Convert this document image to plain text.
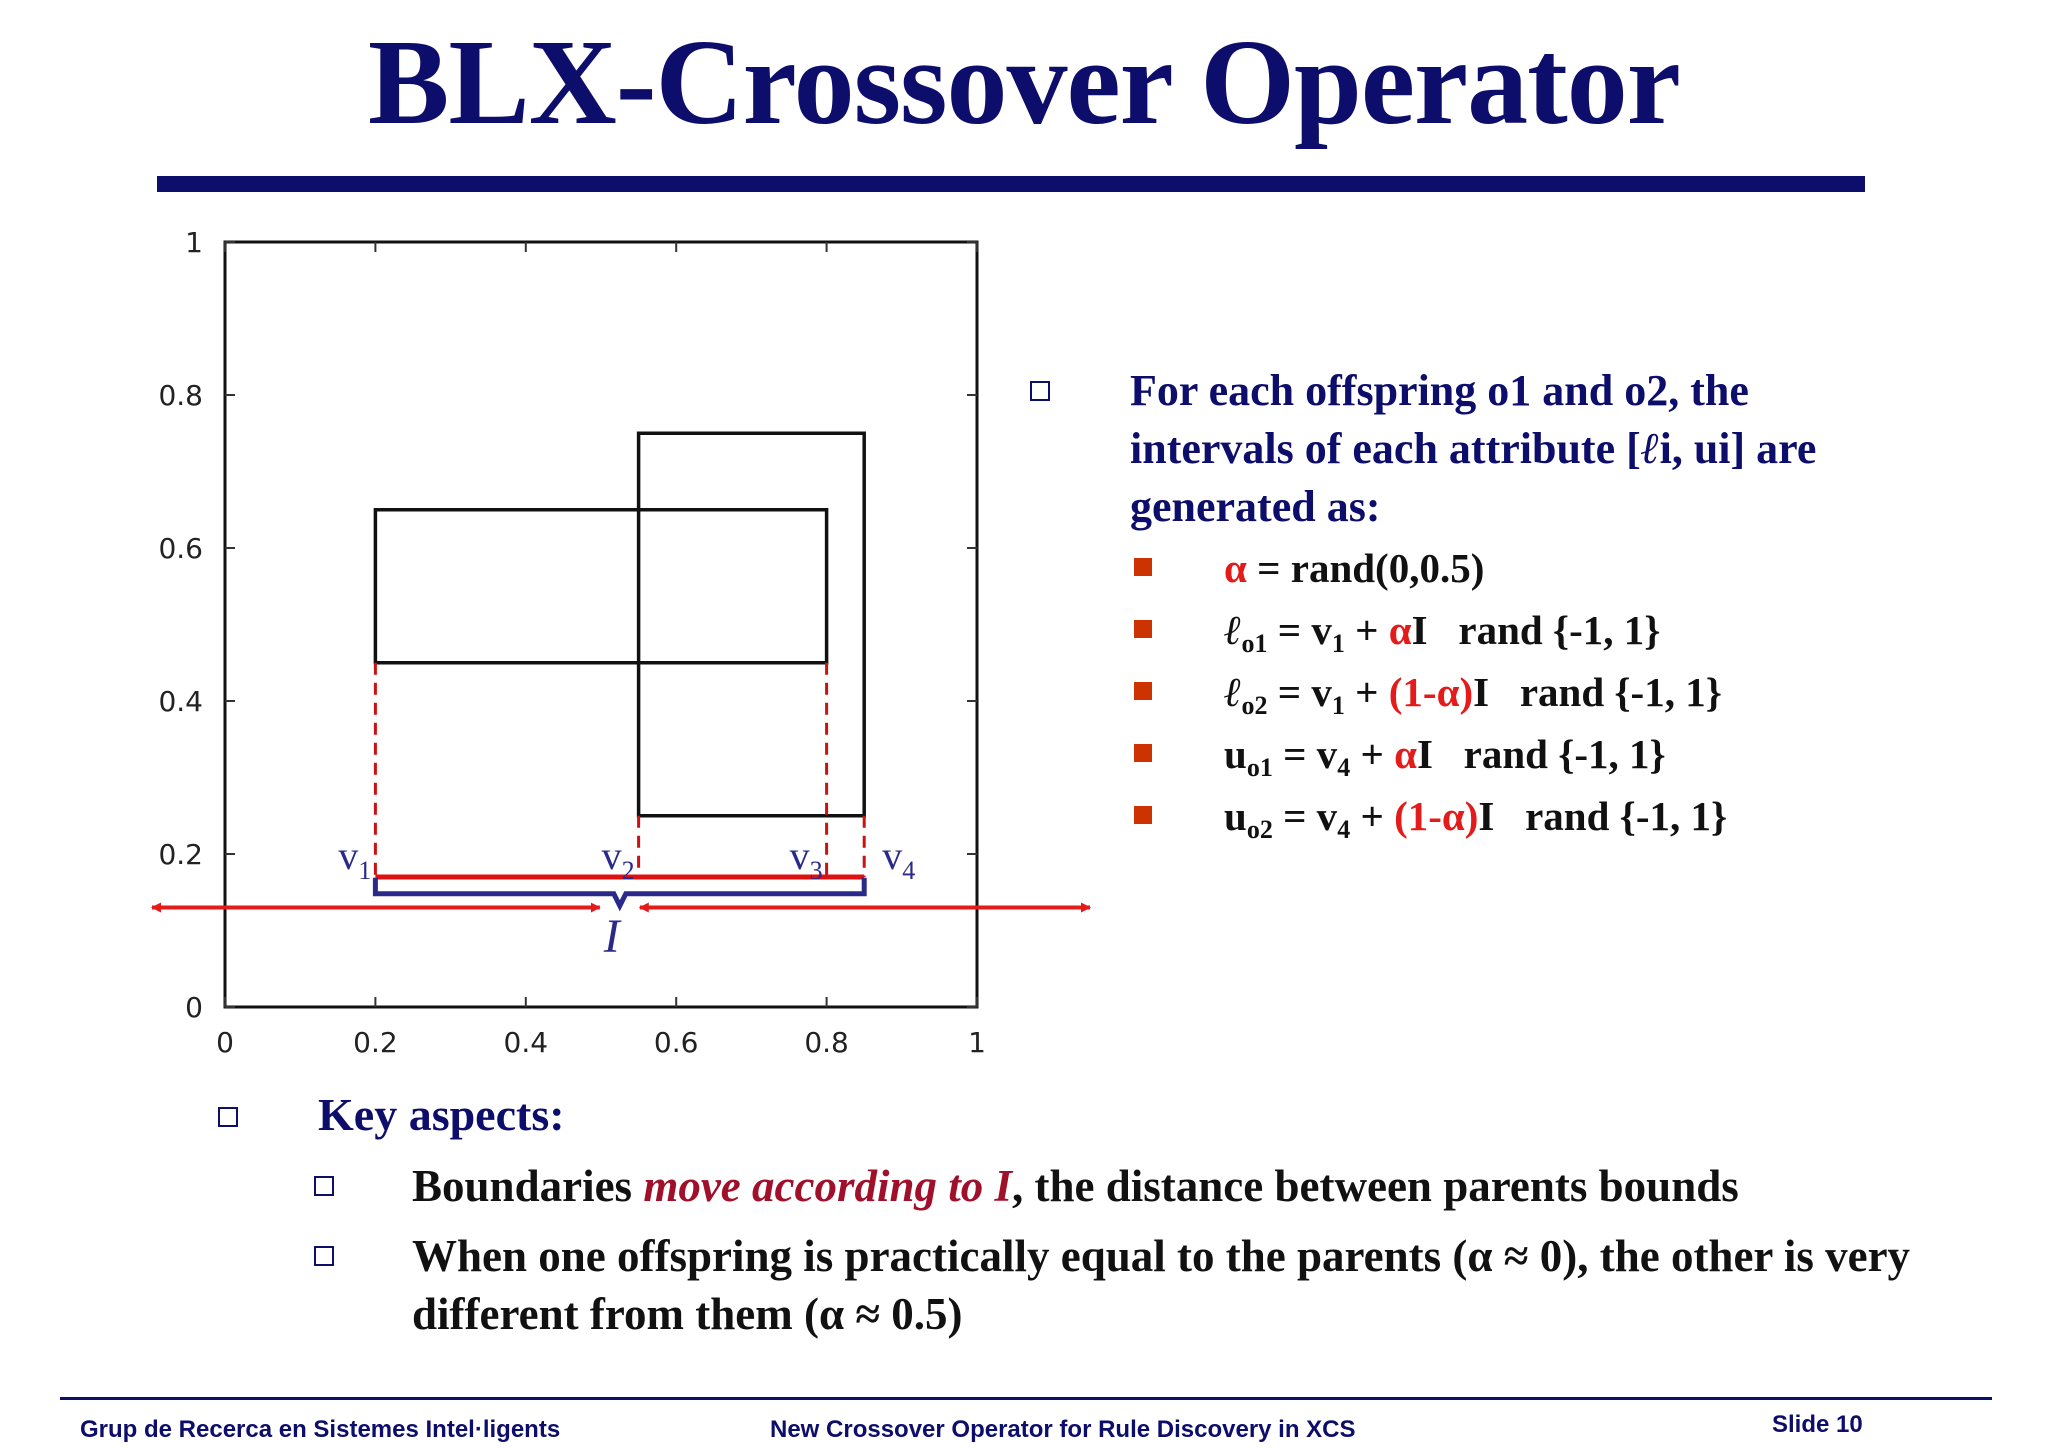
BLX-Crossover Operator
0
0
0.2
0.2
0.4
0.4
0.6
0.6
0.8
0.8
1
1
I
$v_1$	$v_2$	$v_3$ $v_4$
For each offspring o1 and o2, the intervals of each attribute [ℓi, ui] are generated as:
α = rand(0,0.5)
ℓ$_{o1}$ = $v_1 + \alpha I$   rand {-1, 1}
ℓ$_{o2}$ = $v_1 + (1-\alpha)I$   rand {-1, 1}
$u_{o1} = v_4 + \alpha I$   rand {-1, 1}
$u_{o2} = v_4 + (1-\alpha)I$   rand {-1, 1}
Key aspects:
Boundaries move according to I, the distance between parents bounds
When one offspring is practically equal to the parents (α ≈ 0), the other is very different from them (α ≈ 0.5)
Grup de Recerca en Sistemes Intel·ligents	New Crossover Operator for Rule Discovery in XCS	Slide 10
